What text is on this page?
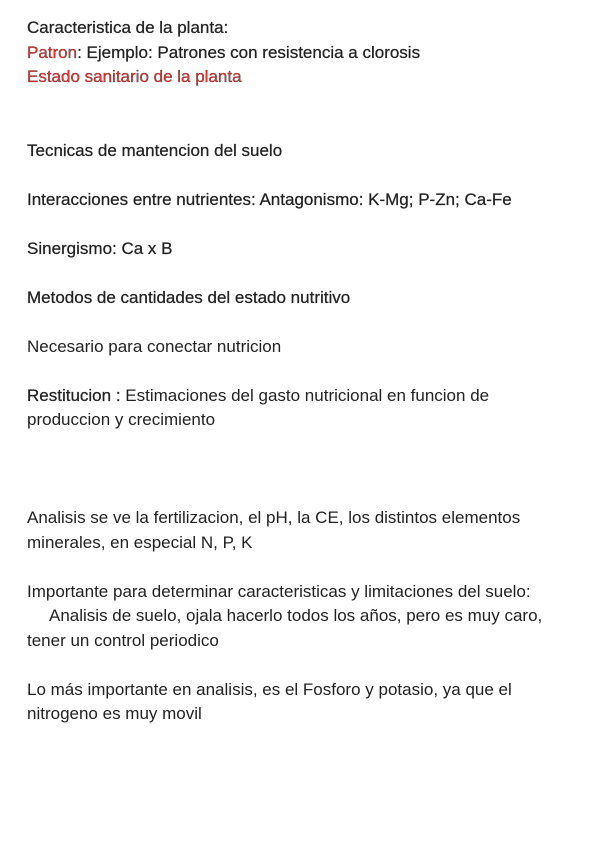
Caracteristica de la planta:
Patron: Ejemplo: Patrones con resistencia a clorosis
Estado sanitario de la planta

Tecnicas de mantencion del suelo

Interacciones entre nutrientes: Antagonismo: K-Mg; P-Zn; Ca-Fe

Sinergismo: Ca x B

Metodos de cantidades del estado nutritivo

Necesario para conectar nutricion

Restitucion : Estimaciones del gasto nutricional en funcion de produccion y crecimiento

Analisis se ve la fertilizacion, el pH, la CE, los distintos elementos minerales, en especial N, P, K

Importante para determinar caracteristicas y limitaciones del suelo:

Analisis de suelo, ojala hacerlo todos los años, pero es muy caro, tener un control periodico

Lo más importante en analisis, es el Fosforo y potasio, ya que el nitrogeno es muy movil
